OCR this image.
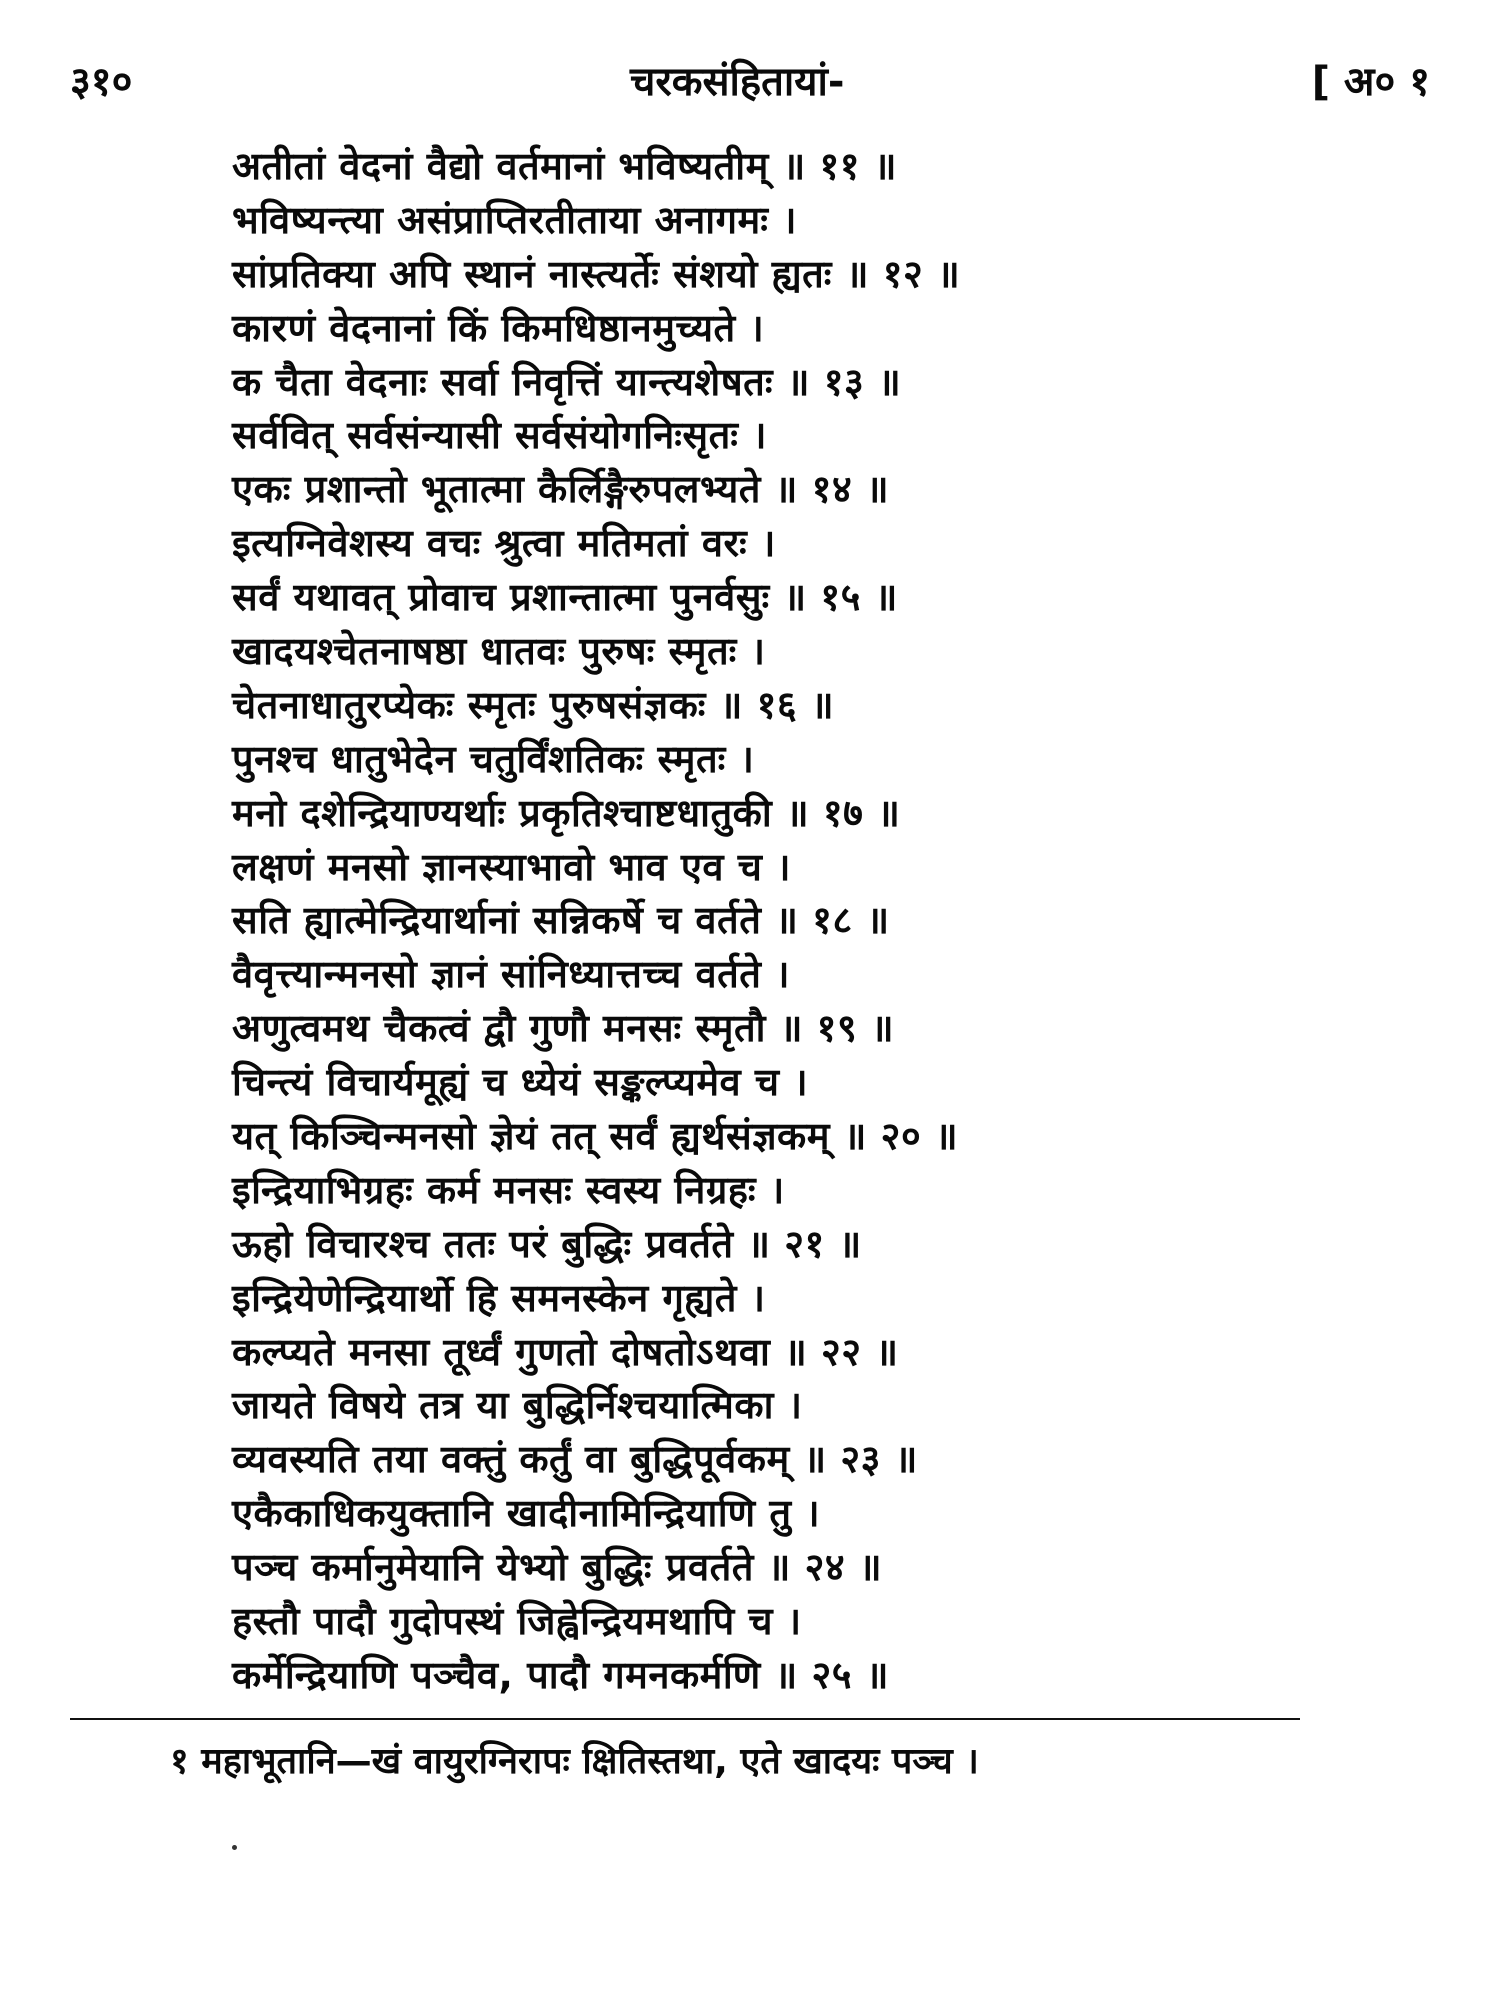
३१०	चरकसंहितायां-	[ अ० १
अतीतां वेदनां वैद्यो वर्तमानां भविष्यतीम् ॥ ११ ॥
भविष्यन्त्या असंप्राप्तिरतीताया अनागमः ।
सांप्रतिक्या अपि स्थानं नास्त्यर्तेः संशयो ह्यतः ॥ १२ ॥
कारणं वेदनानां किं किमधिष्ठानमुच्यते ।
क चैता वेदनाः सर्वा निवृत्तिं यान्त्यशेषतः ॥ १३ ॥
सर्ववित् सर्वसंन्यासी सर्वसंयोगनिःसृतः ।
एकः प्रशान्तो भूतात्मा कैर्लिङ्गैरुपलभ्यते ॥ १४ ॥
इत्यग्निवेशस्य वचः श्रुत्वा मतिमतां वरः ।
सर्वं यथावत् प्रोवाच प्रशान्तात्मा पुनर्वसुः ॥ १५ ॥
खादयश्चेतनाषष्ठा धातवः पुरुषः स्मृतः ।
चेतनाधातुरप्येकः स्मृतः पुरुषसंज्ञकः ॥ १६ ॥
पुनश्च धातुभेदेन चतुर्विंशतिकः स्मृतः ।
मनो दशेन्द्रियाण्यर्थाः प्रकृतिश्चाष्टधातुकी ॥ १७ ॥
लक्षणं मनसो ज्ञानस्याभावो भाव एव च ।
सति ह्यात्मेन्द्रियार्थानां सन्निकर्षे च वर्तते ॥ १८ ॥
वैवृत्त्यान्मनसो ज्ञानं सांनिध्यात्तच्च वर्तते ।
अणुत्वमथ चैकत्वं द्वौ गुणौ मनसः स्मृतौ ॥ १९ ॥
चिन्त्यं विचार्यमूह्यं च ध्येयं सङ्कल्प्यमेव च ।
यत् किञ्चिन्मनसो ज्ञेयं तत् सर्वं ह्यर्थसंज्ञकम् ॥ २० ॥
इन्द्रियाभिग्रहः कर्म मनसः स्वस्य निग्रहः ।
ऊहो विचारश्च ततः परं बुद्धिः प्रवर्तते ॥ २१ ॥
इन्द्रियेणेन्द्रियार्थो हि समनस्केन गृह्यते ।
कल्प्यते मनसा तूर्ध्वं गुणतो दोषतोऽथवा ॥ २२ ॥
जायते विषये तत्र या बुद्धिर्निश्चयात्मिका ।
व्यवस्यति तया वक्तुं कर्तुं वा बुद्धिपूर्वकम् ॥ २३ ॥
एकैकाधिकयुक्तानि खादीनामिन्द्रियाणि तु ।
पञ्च कर्मानुमेयानि येभ्यो बुद्धिः प्रवर्तते ॥ २४ ॥
हस्तौ पादौ गुदोपस्थं जिह्वेन्द्रियमथापि च ।
कर्मेन्द्रियाणि पञ्चैव, पादौ गमनकर्मणि ॥ २५ ॥
१ महाभूतानि—खं वायुरग्निरापः क्षितिस्तथा, एते खादयः पञ्च ।
